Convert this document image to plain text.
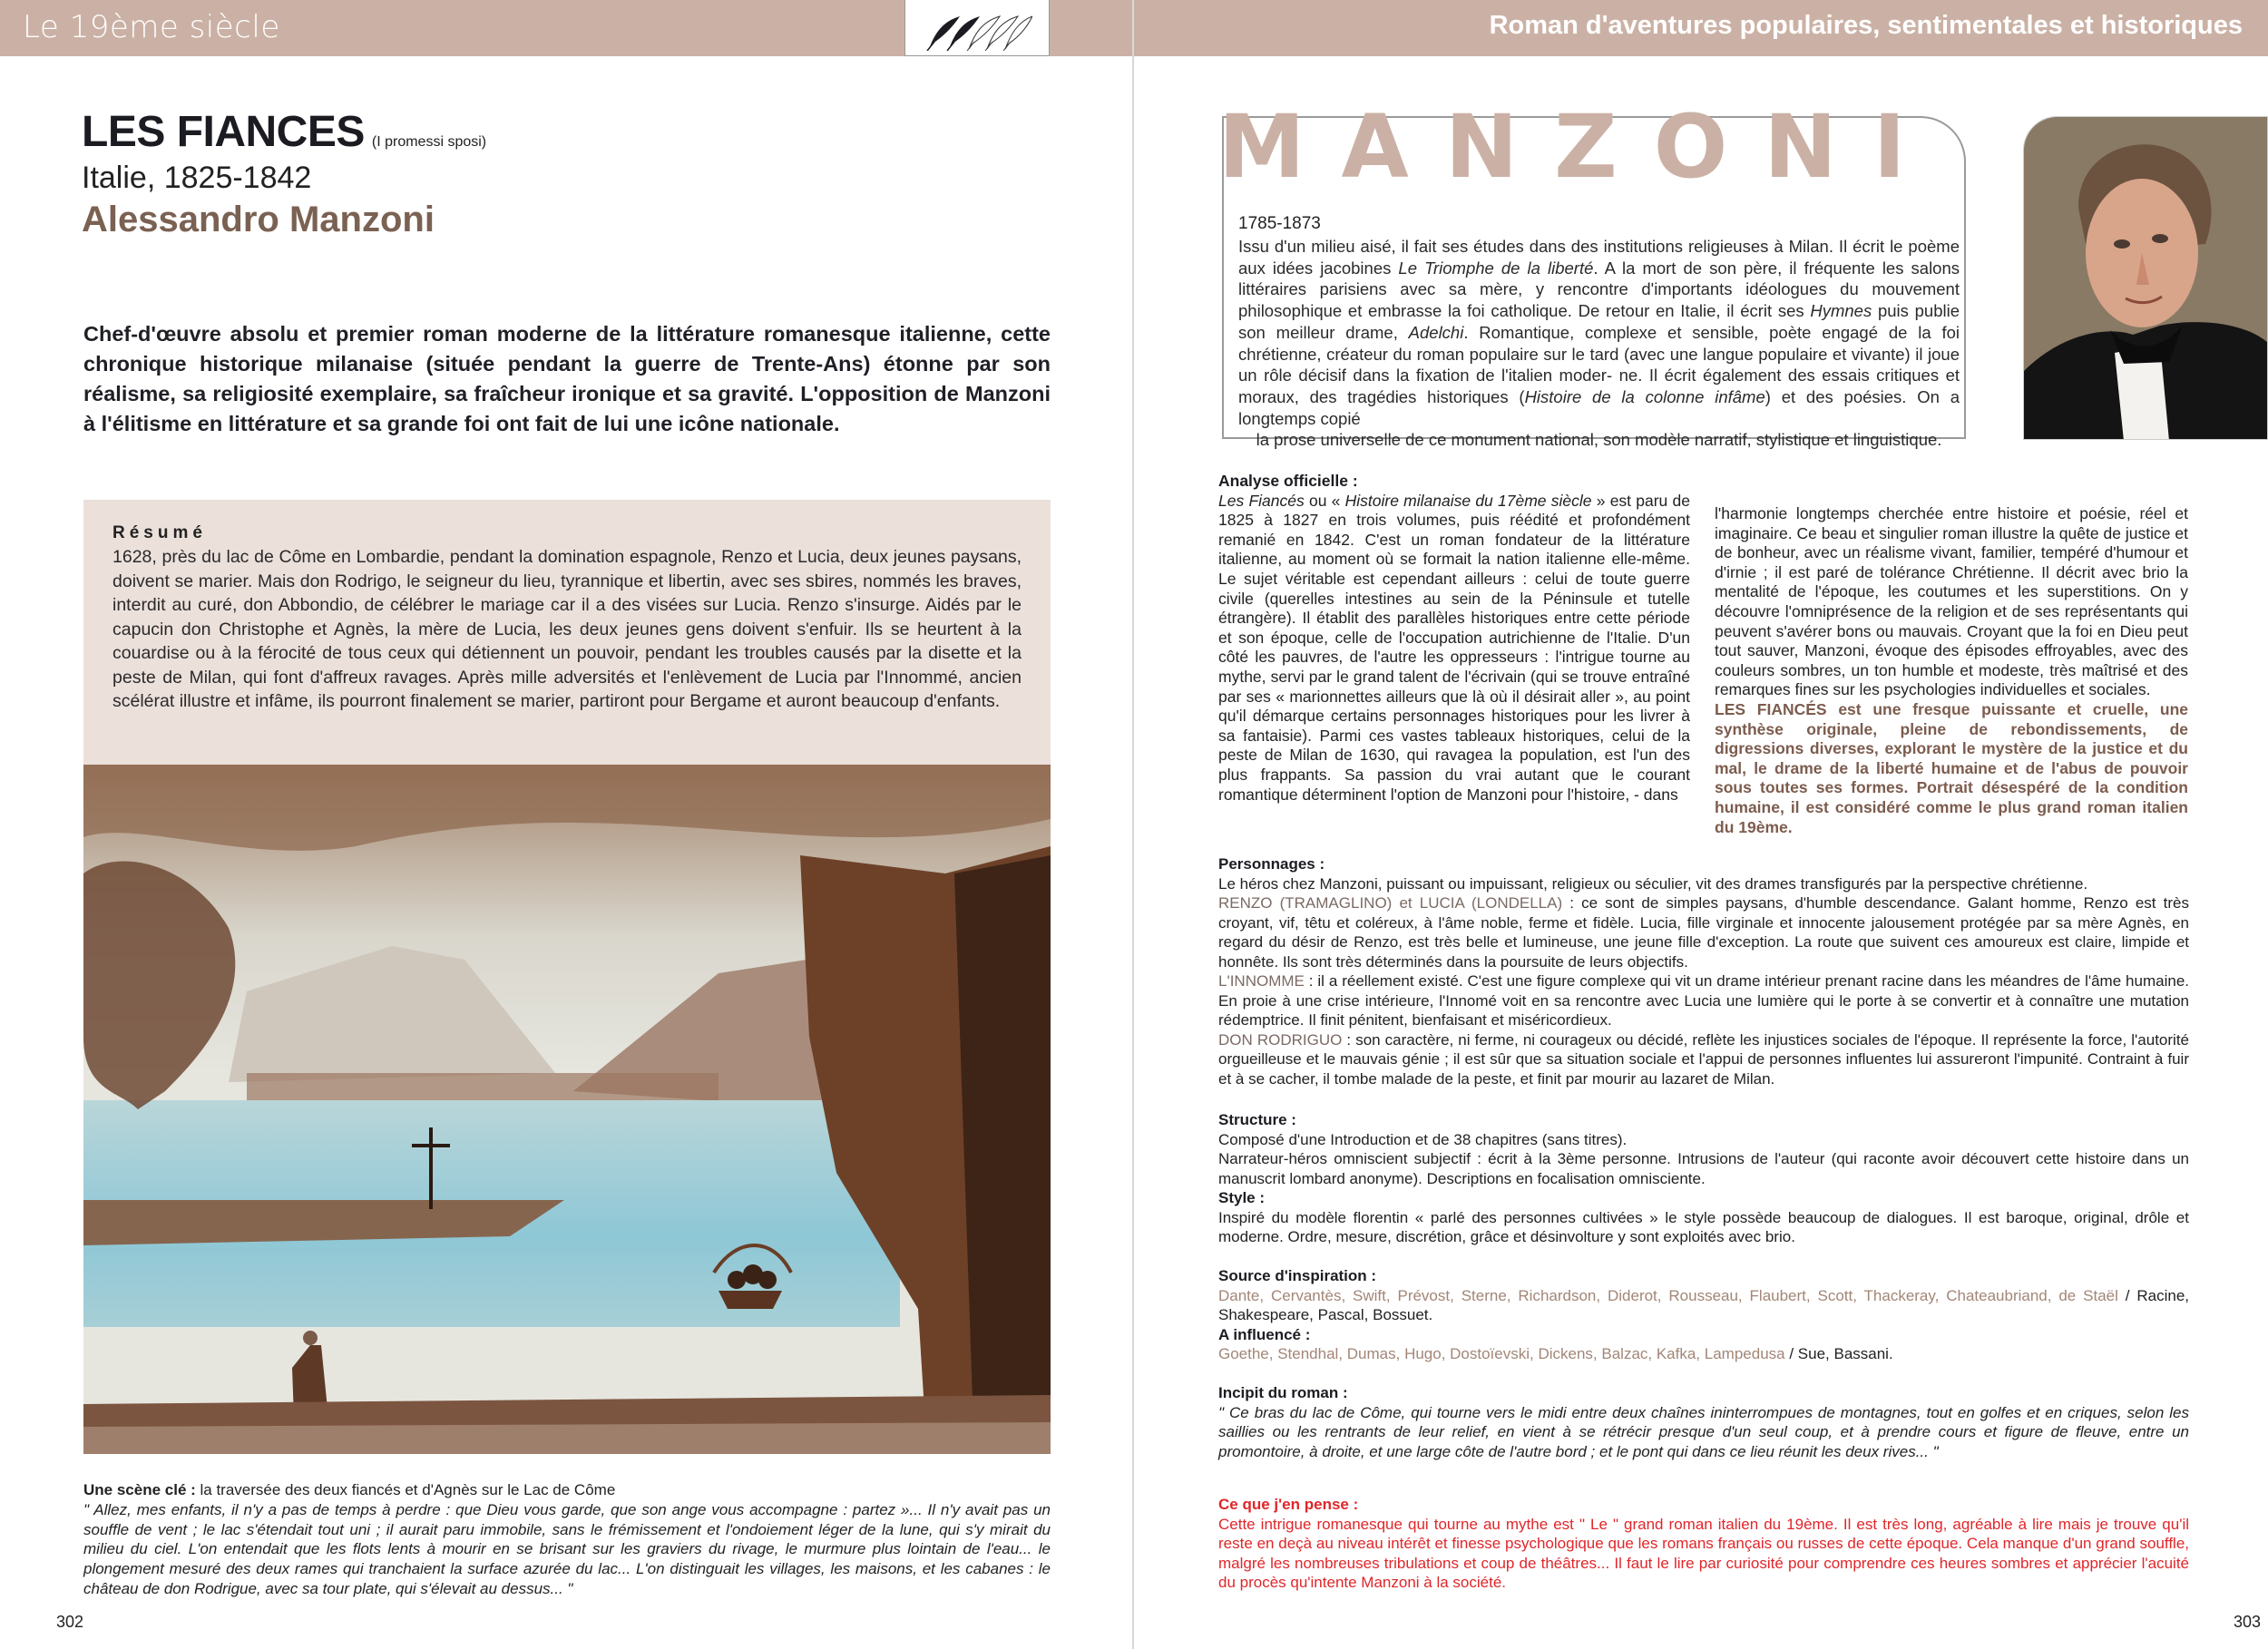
Le 19ème siècle
LES FIANCES (I promessi sposi)
Italie, 1825-1842
Alessandro Manzoni

Chef-d'œuvre absolu et premier roman moderne de la littérature romanesque italienne, cette chronique historique milanaise (située pendant la guerre de Trente-Ans) étonne par son réalisme, sa religiosité exemplaire, sa fraîcheur ironique et sa gravité. L'opposition de Manzoni à l'élitisme en littérature et sa grande foi ont fait de lui une icône nationale.

Résumé

1628, près du lac de Côme en Lombardie, pendant la domination espagnole, Renzo et Lucia, deux jeunes paysans, doivent se marier. Mais don Rodrigo, le seigneur du lieu, tyrannique et libertin, avec ses sbires, nommés les braves, interdit au curé, don Abbondio, de célébrer le mariage car il a des visées sur Lucia. Renzo s'insurge. Aidés par le capucin don Christophe et Agnès, la mère de Lucia, les deux jeunes gens doivent s'enfuir. Ils se heurtent à la couardise ou à la férocité de tous ceux qui détiennent un pouvoir, pendant les troubles causés par la disette et la peste de Milan, qui font d'affreux ravages. Après mille adversités et l'enlèvement de Lucia par l'Innommé, ancien scélérat illustre et infâme, ils pourront finalement se marier, partiront pour Bergame et auront beaucoup d'enfants.

Une scène clé : la traversée des deux fiancés et d'Agnès sur le Lac de Côme

" Allez, mes enfants, il n'y a pas de temps à perdre : que Dieu vous garde, que son ange vous accompagne : partez »... Il n'y avait pas un souffle de vent ; le lac s'étendait tout uni ; il aurait paru immobile, sans le frémissement et l'ondoiement léger de la lune, qui s'y mirait du milieu du ciel. L'on entendait que les flots lents à mourir en se brisant sur les graviers du rivage, le murmure plus lointain de l'eau... le plongement mesuré des deux rames qui tranchaient la surface azurée du lac... L'on distinguait les villages, les maisons, et les cabanes : le château de don Rodrigue, avec sa tour plate, qui s'élevait au dessus... "

302
Roman d'aventures populaires, sentimentales et historiques
1785-1873

Issu d'un milieu aisé, il fait ses études dans des institutions religieuses à Milan. Il écrit le poème aux idées jacobines Le Triomphe de la liberté. A la mort de son père, il fréquente les salons littéraires parisiens avec sa mère, y rencontre d'importants idéologues du mouvement philosophique et embrasse la foi catholique. De retour en Italie, il écrit ses Hymnes puis publie son meilleur drame, Adelchi. Romantique, complexe et sensible, poète engagé de la foi chrétienne, créateur du roman populaire sur le tard (avec une langue populaire et vivante) il joue un rôle décisif dans la fixation de l'italien moder- ne. Il écrit également des essais critiques et moraux, des tragédies historiques (Histoire de la colonne infâme) et des poésies. On a longtemps copié
la prose universelle de ce monument national, son modèle narratif, stylistique et linguistique.

MANZONI
Analyse officielle :

Les Fiancés ou « Histoire milanaise du 17ème siècle » est paru de 1825 à 1827 en trois volumes, puis réédité et profondément remanié en 1842. C'est un roman fondateur de la littérature italienne, au moment où se formait la nation italienne elle-même. Le sujet véritable est cependant ailleurs : celui de toute guerre civile (querelles intestines au sein de la Péninsule et tutelle étrangère). Il établit des parallèles historiques entre cette période et son époque, celle de l'occupation autrichienne de l'Italie. D'un côté les pauvres, de l'autre les oppresseurs : l'intrigue tourne au mythe, servi par le grand talent de l'écrivain (qui se trouve entraîné par ses « marionnettes ailleurs que là où il désirait aller », au point qu'il démarque certains personnages historiques pour les livrer à sa fantaisie). Parmi ces vastes tableaux historiques, celui de la peste de Milan de 1630, qui ravagea la population, est l'un des plus frappants. Sa passion du vrai autant que le courant romantique déterminent l'option de Manzoni pour l'histoire, - dans

l'harmonie longtemps cherchée entre histoire et poésie, réel et imaginaire. Ce beau et singulier roman illustre la quête de justice et de bonheur, avec un réalisme vivant, familier, tempéré d'humour et d'irnie ; il est paré de tolérance Chrétienne. Il décrit avec brio la mentalité de l'époque, les coutumes et les superstitions. On y découvre l'omniprésence de la religion et de ses représentants qui peuvent s'avérer bons ou mauvais. Croyant que la foi en Dieu peut tout sauver, Manzoni, évoque des épisodes effroyables, avec des couleurs sombres, un ton humble et modeste, très maîtrisé et des remarques fines sur les psychologies individuelles et sociales.

LES FIANCÉS est une fresque puissante et cruelle, une synthèse originale, pleine de rebondissements, de digressions diverses, explorant le mystère de la justice et du mal, le drame de la liberté humaine et de l'abus de pouvoir sous toutes ses formes. Portrait désespéré de la condition humaine, il est considéré comme le plus grand roman italien du 19ème.

Personnages :

Le héros chez Manzoni, puissant ou impuissant, religieux ou séculier, vit des drames transfigurés par la perspective chrétienne.

RENZO (TRAMAGLINO) et LUCIA (LONDELLA) : ce sont de simples paysans, d'humble descendance. Galant homme, Renzo est très croyant, vif, têtu et coléreux, à l'âme noble, ferme et fidèle. Lucia, fille virginale et innocente jalousement protégée par sa mère Agnès, en regard du désir de Renzo, est très belle et lumineuse, une jeune fille d'exception. La route que suivent ces amoureux est claire, limpide et honnête. Ils sont très déterminés dans la poursuite de leurs objectifs.

L'INNOMME : il a réellement existé. C'est une figure complexe qui vit un drame intérieur prenant racine dans les méandres de l'âme humaine. En proie à une crise intérieure, l'Innomé voit en sa rencontre avec Lucia une lumière qui le porte à se convertir et à connaître une mutation rédemptrice. Il finit pénitent, bienfaisant et miséricordieux.

DON RODRIGUO : son caractère, ni ferme, ni courageux ou décidé, reflète les injustices sociales de l'époque. Il représente la force, l'autorité orgueilleuse et le mauvais génie ; il est sûr que sa situation sociale et l'appui de personnes influentes lui assureront l'impunité. Contraint à fuir et à se cacher, il tombe malade de la peste, et finit par mourir au lazaret de Milan.

Structure :

Composé d'une Introduction et de 38 chapitres (sans titres).

Narrateur-héros omniscient subjectif : écrit à la 3ème personne. Intrusions de l'auteur (qui raconte avoir découvert cette histoire dans un manuscrit lombard anonyme). Descriptions en focalisation omnisciente.

Style :

Inspiré du modèle florentin « parlé des personnes cultivées » le style possède beaucoup de dialogues. Il est baroque, original, drôle et moderne. Ordre, mesure, discrétion, grâce et désinvolture y sont exploités avec brio.

Source d'inspiration :

Dante, Cervantès, Swift, Prévost, Sterne, Richardson, Diderot, Rousseau, Flaubert, Scott, Thackeray, Chateaubriand, de Staël / Racine, Shakespeare, Pascal, Bossuet.

A influencé :

Goethe, Stendhal, Dumas, Hugo, Dostoïevski, Dickens, Balzac, Kafka, Lampedusa / Sue, Bassani.

Incipit du roman :

" Ce bras du lac de Côme, qui tourne vers le midi entre deux chaînes ininterrompues de montagnes, tout en golfes et en criques, selon les saillies ou les rentrants de leur relief, en vient à se rétrécir presque d'un seul coup, et à prendre cours et figure de fleuve, entre un promontoire, à droite, et une large côte de l'autre bord ; et le pont qui dans ce lieu réunit les deux rives... "

Ce que j'en pense :

Cette intrigue romanesque qui tourne au mythe est " Le " grand roman italien du 19ème. Il est très long, agréable à lire mais je trouve qu'il reste en deçà au niveau intérêt et finesse psychologique que les romans français ou russes de cette époque. Cela manque d'un grand souffle, malgré les nombreuses tribulations et coup de théâtres... Il faut le lire par curiosité pour comprendre ces heures sombres et apprécier l'acuité du procès qu'intente Manzoni à la société.

303
